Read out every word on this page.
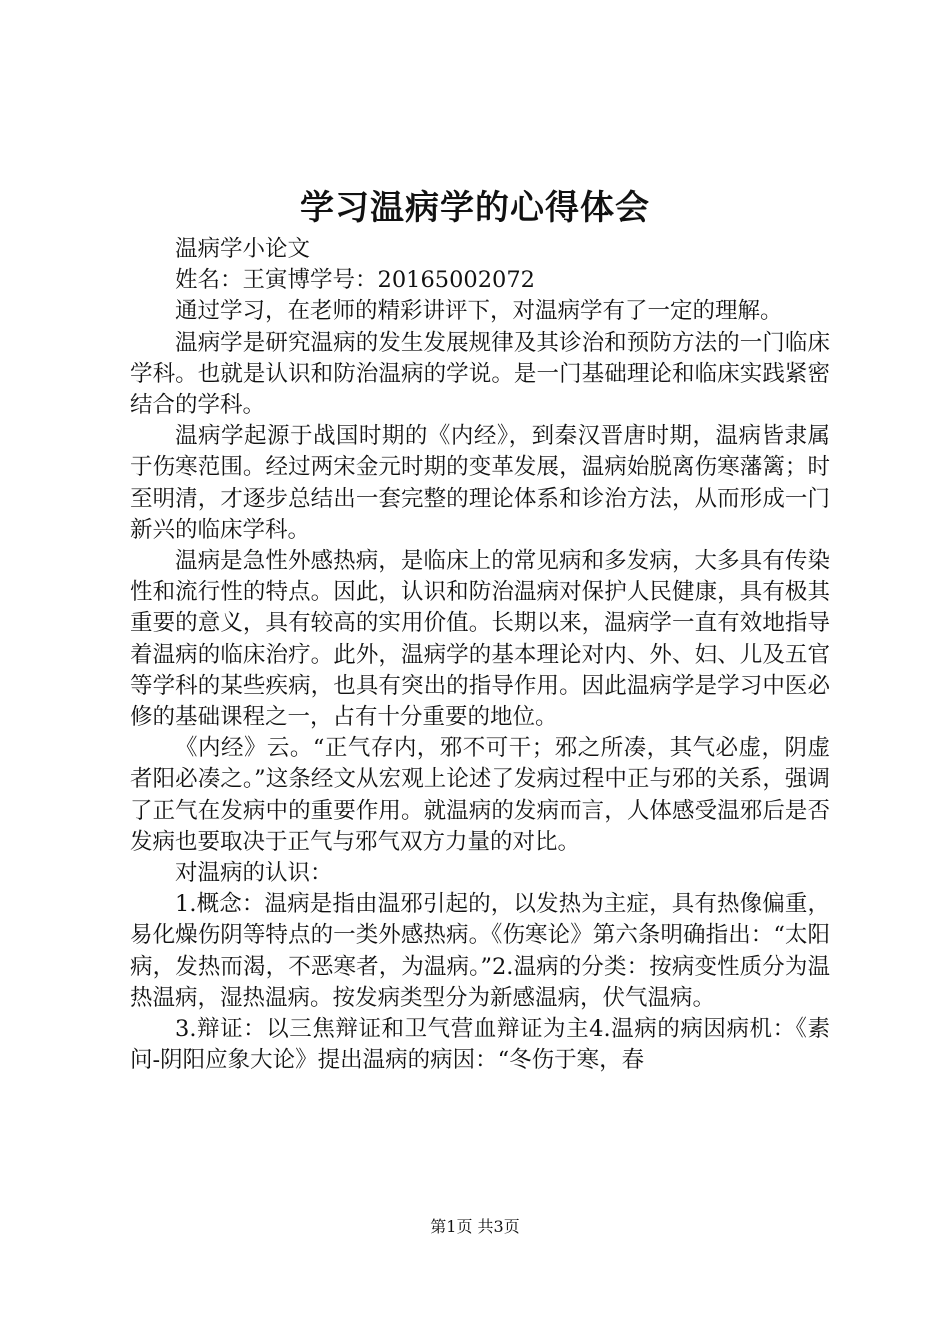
学习温病学的心得体会

温病学小论文

姓名：王寅博学号：20165002072

通过学习，在老师的精彩讲评下，对温病学有了一定的理解。

温病学是研究温病的发生发展规律及其诊治和预防方法的一门临床学科。也就是认识和防治温病的学说。是一门基础理论和临床实践紧密结合的学科。

温病学起源于战国时期的《内经》，到秦汉晋唐时期，温病皆隶属于伤寒范围。经过两宋金元时期的变革发展，温病始脱离伤寒藩篱；时至明清，才逐步总结出一套完整的理论体系和诊治方法，从而形成一门新兴的临床学科。

温病是急性外感热病，是临床上的常见病和多发病，大多具有传染性和流行性的特点。因此，认识和防治温病对保护人民健康，具有极其重要的意义，具有较高的实用价值。长期以来，温病学一直有效地指导着温病的临床治疗。此外，温病学的基本理论对内、外、妇、儿及五官等学科的某些疾病，也具有突出的指导作用。因此温病学是学习中医必修的基础课程之一，占有十分重要的地位。

《内经》云。“正气存内，邪不可干；邪之所凑，其气必虚，阴虚者阳必凑之。”这条经文从宏观上论述了发病过程中正与邪的关系，强调了正气在发病中的重要作用。就温病的发病而言，人体感受温邪后是否发病也要取决于正气与邪气双方力量的对比。

对温病的认识：

1.概念：温病是指由温邪引起的，以发热为主症，具有热像偏重，易化燥伤阴等特点的一类外感热病。《伤寒论》第六条明确指出：“太阳病，发热而渴，不恶寒者，为温病。”2.温病的分类：按病变性质分为温热温病，湿热温病。按发病类型分为新感温病，伏气温病。

3.辩证：以三焦辩证和卫气营血辩证为主4.温病的病因病机：《素问-阴阳应象大论》提出温病的病因：“冬伤于寒，春

第1页 共3页
